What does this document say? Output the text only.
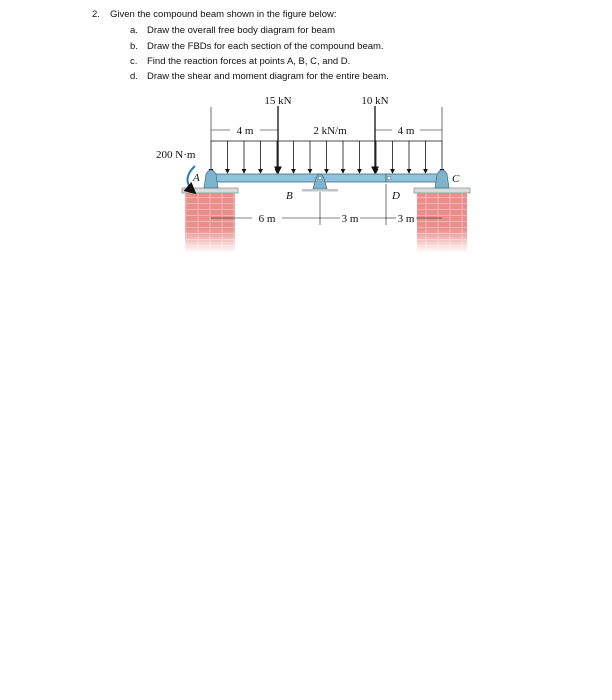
2. Given the compound beam shown in the figure below:
a. Draw the overall free body diagram for beam
b. Draw the FBDs for each section of the compound beam.
c. Find the reaction forces at points A, B, C, and D.
d. Draw the shear and moment diagram for the entire beam.
15 kN	10 kN
2 kN/m
200 N·m
4 m	4 m
6 m	3 m	3 m
A
B
C
D
